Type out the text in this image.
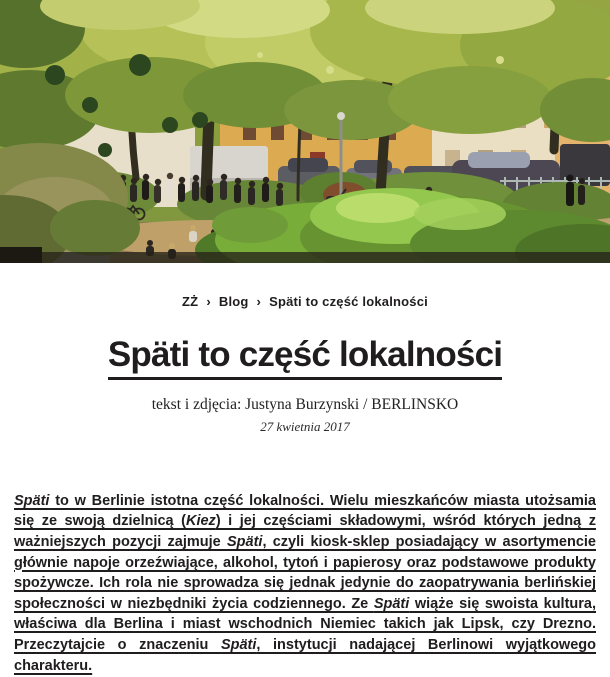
ZŻ › Blog › Späti to część lokalności
Späti to część lokalności
tekst i zdjęcia: Justyna Burzynski / BERLINSKO
27 kwietnia 2017

Späti to w Berlinie istotna część lokalności. Wielu mieszkańców miasta utożsamia się ze swoją dzielnicą (Kiez) i jej częściami składowymi, wśród których jedną z ważniejszych pozycji zajmuje Späti, czyli kiosk-sklep posiadający w asortymencie głównie napoje orzeźwiające, alkohol, tytoń i papierosy oraz podstawowe produkty spożywcze. Ich rola nie sprowadza się jednak jedynie do zaopatrywania berlińskiej społeczności w niezbędniki życia codziennego. Ze Späti wiąże się swoista kultura, właściwa dla Berlina i miast wschodnich Niemiec takich jak Lipsk, czy Drezno. Przeczytajcie o znaczeniu Späti, instytucji nadającej Berlinowi wyjątkowego charakteru.
